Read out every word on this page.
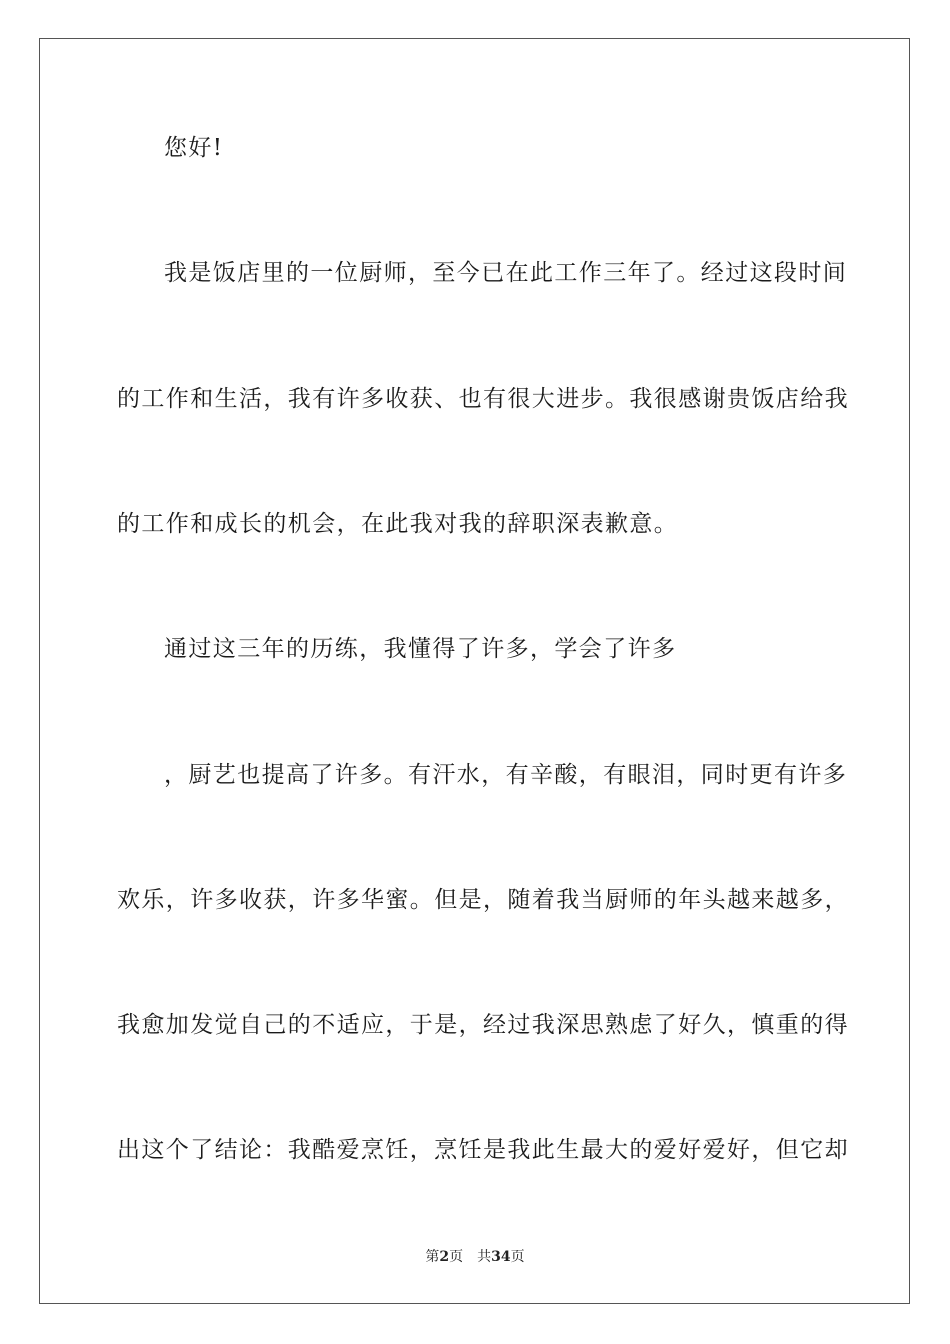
您好!
我是饭店里的一位厨师，至今已在此工作三年了。经过这段时间
的工作和生活，我有许多收获、也有很大进步。我很感谢贵饭店给我
的工作和成长的机会，在此我对我的辞职深表歉意。
通过这三年的历练，我懂得了许多，学会了许多
，厨艺也提高了许多。有汗水，有辛酸，有眼泪，同时更有许多
欢乐，许多收获，许多华蜜。但是，随着我当厨师的年头越来越多，
我愈加发觉自己的不适应，于是，经过我深思熟虑了好久，慎重的得
出这个了结论：我酷爱烹饪，烹饪是我此生最大的爱好爱好，但它却
第2页 共34页
